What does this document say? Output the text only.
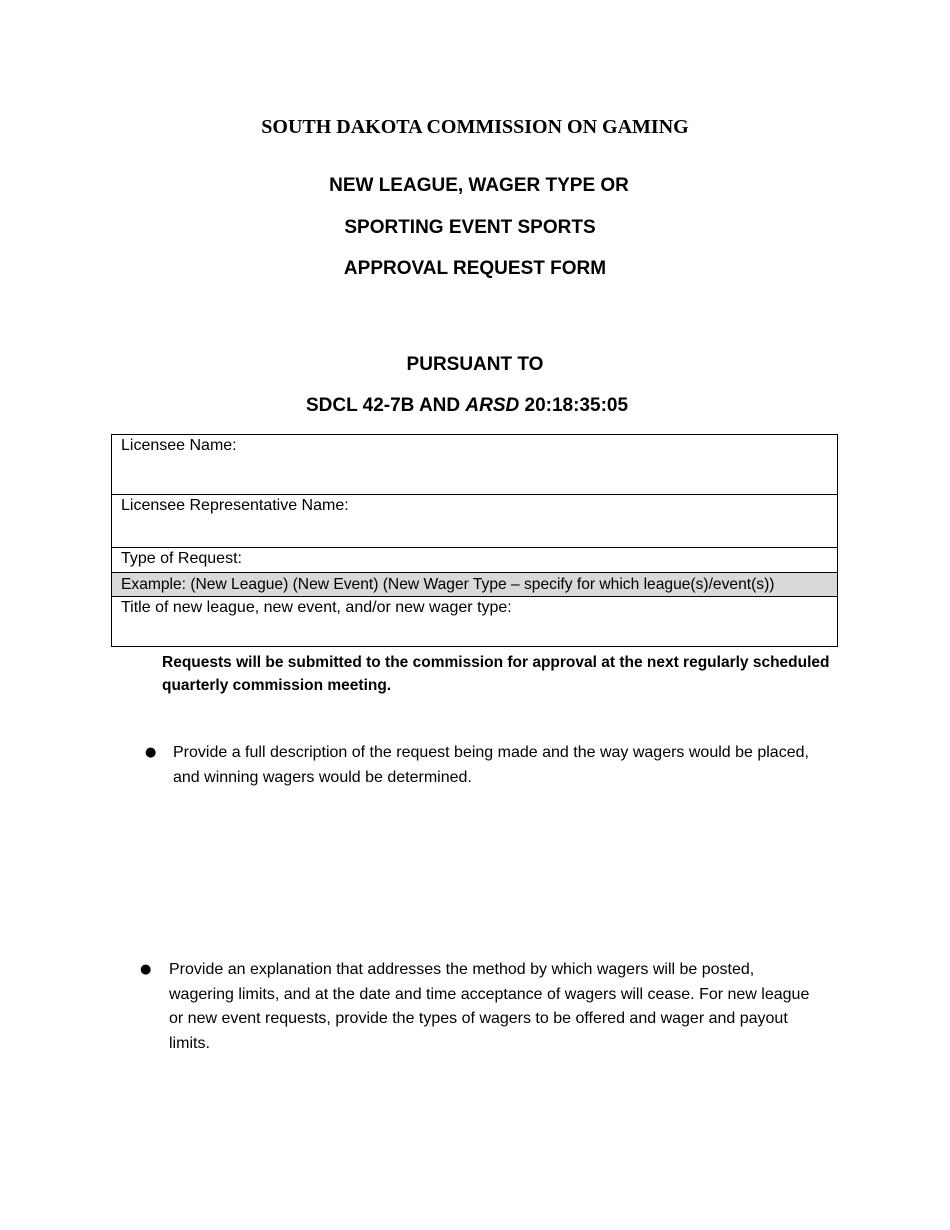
SOUTH DAKOTA COMMISSION ON GAMING
NEW LEAGUE, WAGER TYPE OR
SPORTING EVENT SPORTS
APPROVAL REQUEST FORM
PURSUANT TO
SDCL 42-7B AND ARSD 20:18:35:05
Licensee Name:
Licensee Representative Name:
Type of Request:
Example: (New League) (New Event) (New Wager Type – specify for which league(s)/event(s))
Title of new league, new event, and/or new wager type:
Requests will be submitted to the commission for approval at the next regularly scheduled quarterly commission meeting.
● Provide a full description of the request being made and the way wagers would be placed, and winning wagers would be determined.
● Provide an explanation that addresses the method by which wagers will be posted, wagering limits, and at the date and time acceptance of wagers will cease. For new league or new event requests, provide the types of wagers to be offered and wager and payout limits.
